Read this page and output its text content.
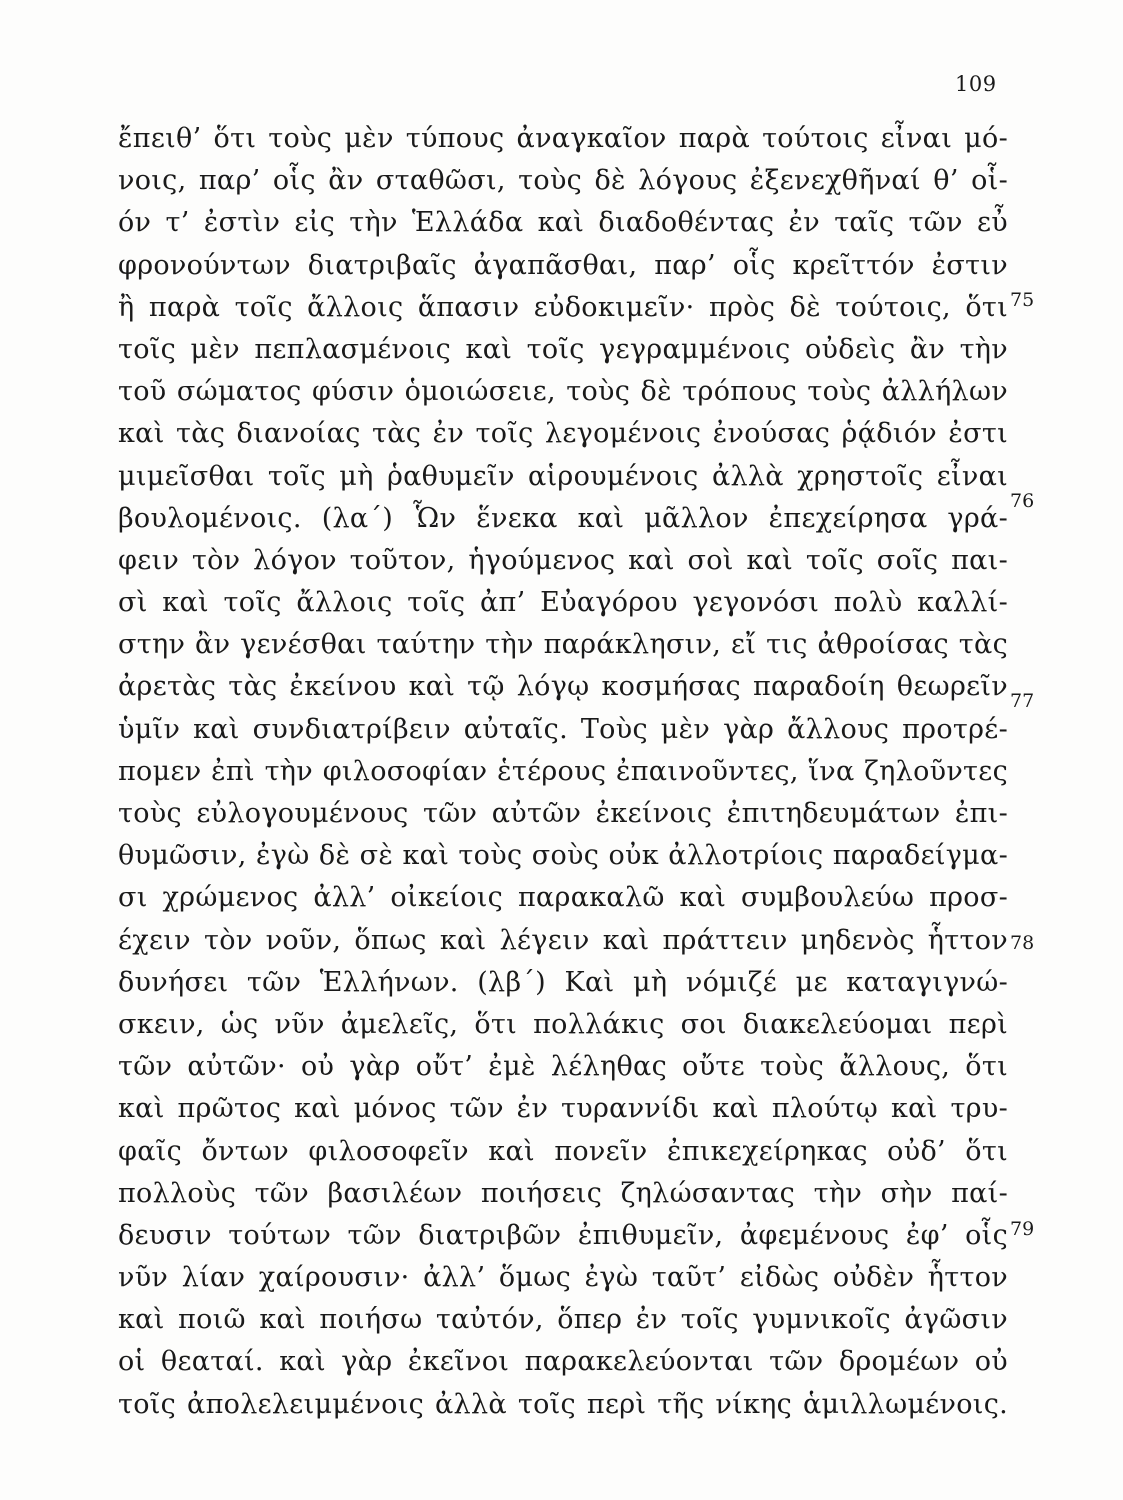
109
ἔπειθ’ ὅτι τοὺς μὲν τύπους ἀναγκαῖον παρὰ τούτοις εἶναι μό-
νοις, παρ’ οἷς ἂν σταθῶσι, τοὺς δὲ λόγους ἐξενεχθῆναί θ’ οἷ-
όν τ’ ἐστὶν εἰς τὴν Ἑλλάδα καὶ διαδοθέντας ἐν ταῖς τῶν εὖ
φρονούντων διατριβαῖς ἀγαπᾶσθαι, παρ’ οἷς κρεῖττόν ἐστιν
ἢ παρὰ τοῖς ἄλλοις ἅπασιν εὐδοκιμεῖν· πρὸς δὲ τούτοις, ὅτι
τοῖς μὲν πεπλασμένοις καὶ τοῖς γεγραμμένοις οὐδεὶς ἂν τὴν
τοῦ σώματος φύσιν ὁμοιώσειε, τοὺς δὲ τρόπους τοὺς ἀλλήλων
καὶ τὰς διανοίας τὰς ἐν τοῖς λεγομένοις ἐνούσας ῥᾴδιόν ἐστι
μιμεῖσθαι τοῖς μὴ ῥαθυμεῖν αἱρουμένοις ἀλλὰ χρηστοῖς εἶναι
βουλομένοις. (λα΄) Ὧν ἕνεκα καὶ μᾶλλον ἐπεχείρησα γρά-
φειν τὸν λόγον τοῦτον, ἡγούμενος καὶ σοὶ καὶ τοῖς σοῖς παι-
σὶ καὶ τοῖς ἄλλοις τοῖς ἀπ’ Εὐαγόρου γεγονόσι πολὺ καλλί-
στην ἂν γενέσθαι ταύτην τὴν παράκλησιν, εἴ τις ἀθροίσας τὰς
ἀρετὰς τὰς ἐκείνου καὶ τῷ λόγῳ κοσμήσας παραδοίη θεωρεῖν
ὑμῖν καὶ συνδιατρίβειν αὐταῖς. Τοὺς μὲν γὰρ ἄλλους προτρέ-
πομεν ἐπὶ τὴν φιλοσοφίαν ἑτέρους ἐπαινοῦντες, ἵνα ζηλοῦντες
τοὺς εὐλογουμένους τῶν αὐτῶν ἐκείνοις ἐπιτηδευμάτων ἐπι-
θυμῶσιν, ἐγὼ δὲ σὲ καὶ τοὺς σοὺς οὐκ ἀλλοτρίοις παραδείγμα-
σι χρώμενος ἀλλ’ οἰκείοις παρακαλῶ καὶ συμβουλεύω προσ-
έχειν τὸν νοῦν, ὅπως καὶ λέγειν καὶ πράττειν μηδενὸς ἧττον
δυνήσει τῶν Ἑλλήνων. (λβ΄) Καὶ μὴ νόμιζέ με καταγιγνώ-
σκειν, ὡς νῦν ἀμελεῖς, ὅτι πολλάκις σοι διακελεύομαι περὶ
τῶν αὐτῶν· οὐ γὰρ οὔτ’ ἐμὲ λέληθας οὔτε τοὺς ἄλλους, ὅτι
καὶ πρῶτος καὶ μόνος τῶν ἐν τυραννίδι καὶ πλούτῳ καὶ τρυ-
φαῖς ὄντων φιλοσοφεῖν καὶ πονεῖν ἐπικεχείρηκας οὐδ’ ὅτι
πολλοὺς τῶν βασιλέων ποιήσεις ζηλώσαντας τὴν σὴν παί-
δευσιν τούτων τῶν διατριβῶν ἐπιθυμεῖν, ἀφεμένους ἐφ’ οἷς
νῦν λίαν χαίρουσιν· ἀλλ’ ὅμως ἐγὼ ταῦτ’ εἰδὼς οὐδὲν ἧττον
καὶ ποιῶ καὶ ποιήσω ταὐτόν, ὅπερ ἐν τοῖς γυμνικοῖς ἀγῶσιν
οἱ θεαταί. καὶ γὰρ ἐκεῖνοι παρακελεύονται τῶν δρομέων οὐ
τοῖς ἀπολελειμμένοις ἀλλὰ τοῖς περὶ τῆς νίκης ἁμιλλωμένοις.
75
76
77
78
79
